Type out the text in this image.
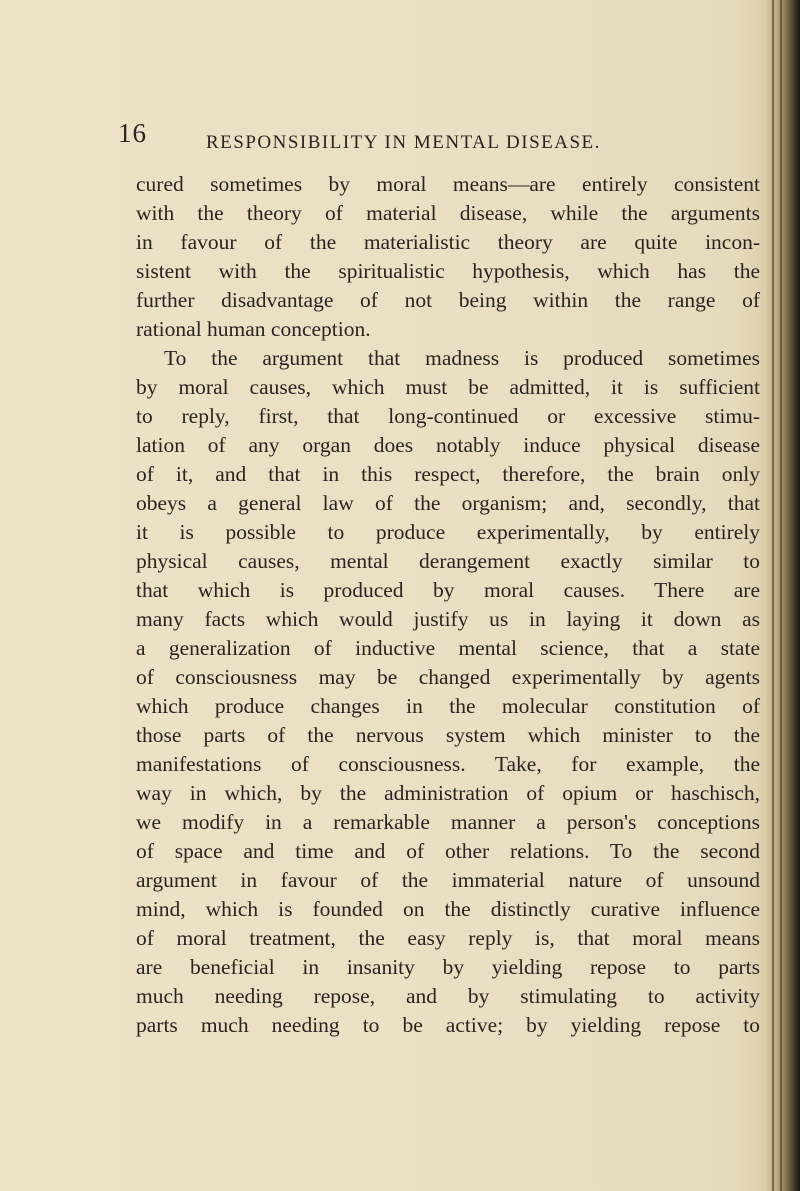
16	RESPONSIBILITY IN MENTAL DISEASE.
cured sometimes by moral means—are entirely consistent
with the theory of material disease, while the arguments
in favour of the materialistic theory are quite incon-
sistent with the spiritualistic hypothesis, which has the
further disadvantage of not being within the range of
rational human conception.
To the argument that madness is produced sometimes
by moral causes, which must be admitted, it is sufficient
to reply, first, that long-continued or excessive stimu-
lation of any organ does notably induce physical disease
of it, and that in this respect, therefore, the brain only
obeys a general law of the organism; and, secondly, that
it is possible to produce experimentally, by entirely
physical causes, mental derangement exactly similar to
that which is produced by moral causes. There are
many facts which would justify us in laying it down as
a generalization of inductive mental science, that a state
of consciousness may be changed experimentally by agents
which produce changes in the molecular constitution of
those parts of the nervous system which minister to the
manifestations of consciousness. Take, for example, the
way in which, by the administration of opium or haschisch,
we modify in a remarkable manner a person's conceptions
of space and time and of other relations. To the second
argument in favour of the immaterial nature of unsound
mind, which is founded on the distinctly curative influence
of moral treatment, the easy reply is, that moral means
are beneficial in insanity by yielding repose to parts
much needing repose, and by stimulating to activity
parts much needing to be active; by yielding repose to
